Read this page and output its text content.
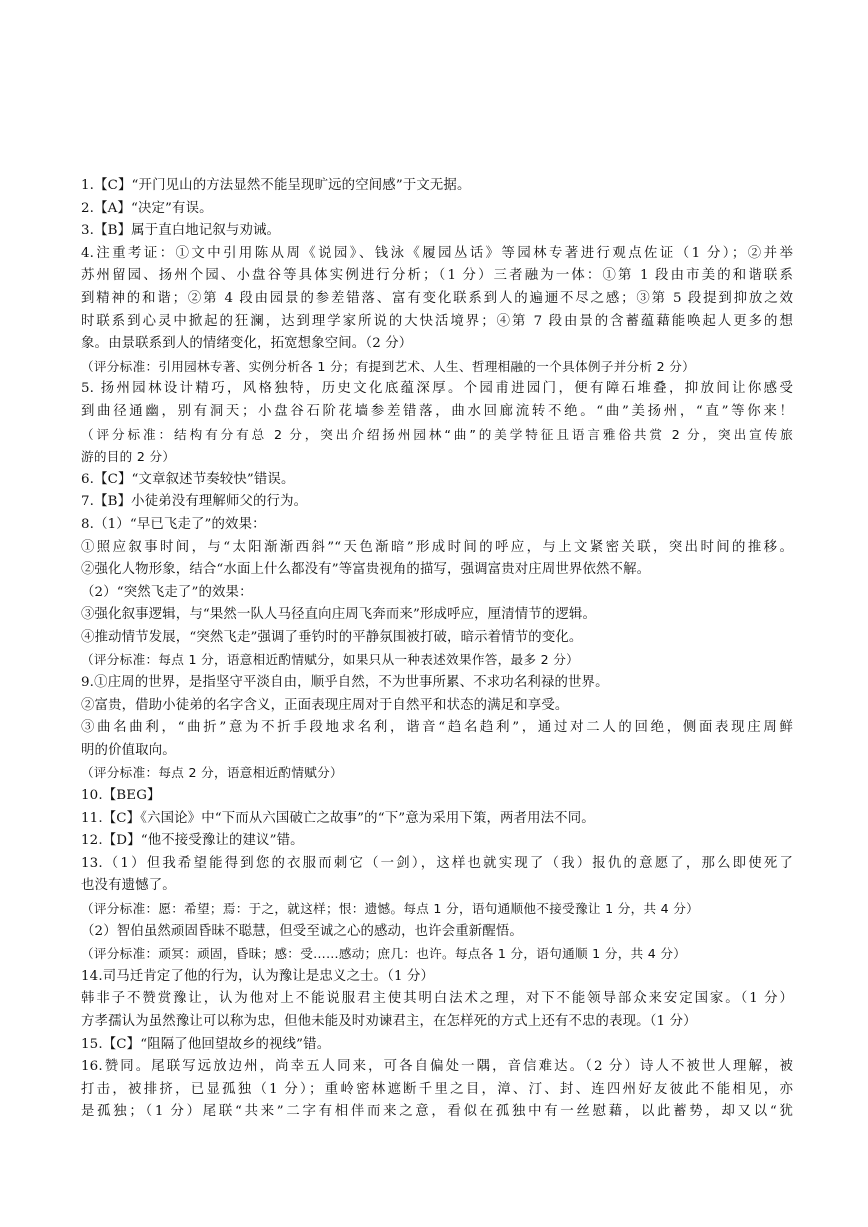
1.【C】“开门见山的方法显然不能呈现旷远的空间感”于文无据。
2.【A】“决定”有误。
3.【B】属于直白地记叙与劝诫。
4.注重考证：①文中引用陈从周《说园》、钱泳《履园丛话》等园林专著进行观点佐证（1 分）；②并举
苏州留园、扬州个园、小盘谷等具体实例进行分析；（1 分）三者融为一体：①第 1 段由市美的和谐联系
到精神的和谐；②第 4 段由园景的参差错落、富有变化联系到人的遍逦不尽之感；③第 5 段提到抑放之效
时联系到心灵中掀起的狂澜，达到理学家所说的大快活境界；④第 7 段由景的含蓄蕴藉能唤起人更多的想
象。由景联系到人的情绪变化，拓宽想象空间。（2 分）
（评分标准：引用园林专著、实例分析各 1 分；有提到艺术、人生、哲理相融的一个具体例子并分析 2 分）
5. 扬州园林设计精巧，风格独特，历史文化底蕴深厚。个园甫进园门，便有障石堆叠，抑放间让你感受
到曲径通幽，别有洞天；小盘谷石阶花墙参差错落，曲水回廊流转不绝。“曲”美扬州，“直”等你来！
（评分标准：结构有分有总 2 分，突出介绍扬州园林“曲”的美学特征且语言雅俗共赏 2 分，突出宣传旅
游的目的 2 分）
6.【C】“文章叙述节奏较快”错误。
7.【B】小徒弟没有理解师父的行为。
8.（1）“早已飞走了”的效果：
①照应叙事时间，与“太阳渐渐西斜”“天色渐暗”形成时间的呼应，与上文紧密关联，突出时间的推移。
②强化人物形象，结合“水面上什么都没有”等富贵视角的描写，强调富贵对庄周世界依然不解。
（2）“突然飞走了”的效果：
③强化叙事逻辑，与“果然一队人马径直向庄周飞奔而来”形成呼应，厘清情节的逻辑。
④推动情节发展，“突然飞走”强调了垂钓时的平静氛围被打破，暗示着情节的变化。
（评分标准：每点 1 分，语意相近酌情赋分，如果只从一种表述效果作答，最多 2 分）
9.①庄周的世界，是指坚守平淡自由，顺乎自然，不为世事所累、不求功名利禄的世界。
②富贵，借助小徒弟的名字含义，正面表现庄周对于自然平和状态的满足和享受。
③曲名曲利，“曲折”意为不折手段地求名利，谐音“趋名趋利”，通过对二人的回绝，侧面表现庄周鲜
明的价值取向。
（评分标准：每点 2 分，语意相近酌情赋分）
10.【BEG】
11.【C】《六国论》中“下而从六国破亡之故事”的“下”意为采用下策，两者用法不同。
12.【D】“他不接受豫让的建议”错。
13.（1）但我希望能得到您的衣服而刺它（一剑），这样也就实现了（我）报仇的意愿了，那么即使死了
也没有遗憾了。
（评分标准：愿：希望；焉：于之，就这样；恨：遗憾。每点 1 分，语句通顺他不接受豫让 1 分，共 4 分）
（2）智伯虽然顽固昏昧不聪慧，但受至诚之心的感动，也许会重新醒悟。
（评分标准：顽冥：顽固，昏昧；感：受……感动；庶几：也许。每点各 1 分，语句通顺 1 分，共 4 分）
14.司马迁肯定了他的行为，认为豫让是忠义之士。（1 分）
韩非子不赞赏豫让，认为他对上不能说服君主使其明白法术之理，对下不能领导部众来安定国家。（1 分）
方孝孺认为虽然豫让可以称为忠，但他未能及时劝谏君主，在怎样死的方式上还有不忠的表现。（1 分）
15.【C】“阻隔了他回望故乡的视线”错。
16.赞同。尾联写远放边州，尚幸五人同来，可各自偏处一隅，音信难达。（2 分）诗人不被世人理解，被
打击，被排挤，已显孤独（1 分）；重岭密林遮断千里之目，漳、汀、封、连四州好友彼此不能相见，亦
是孤独；（1 分）尾联“共来”二字有相伴而来之意，看似在孤独中有一丝慰藉，以此蓄势，却又以“犹
